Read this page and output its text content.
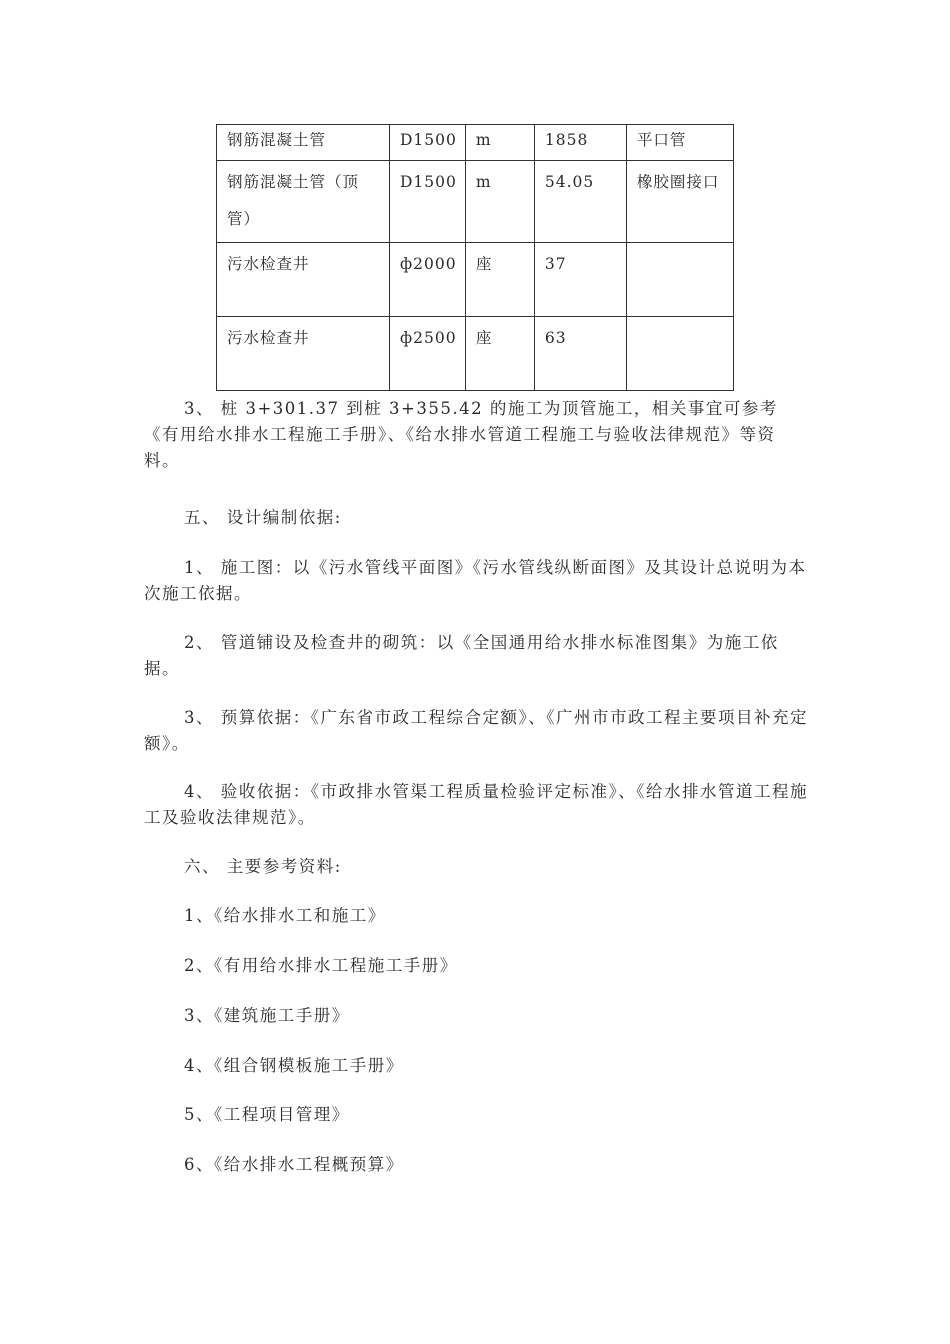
钢筋混凝土管	D1500	m	1858	平口管
钢筋混凝土管（顶管）	D1500	m	54.05	橡胶圈接口
污水检查井	ф2000	座	37	
污水检查井	ф2500	座	63	

3、 桩 3+301.37 到桩 3+355.42 的施工为顶管施工，相关事宜可参考《有用给水排水工程施工手册》、《给水排水管道工程施工与验收法律规范》等资料。

五、 设计编制依据:

1、 施工图：以《污水管线平面图》《污水管线纵断面图》及其设计总说明为本次施工依据。

2、 管道铺设及检查井的砌筑：以《全国通用给水排水标准图集》为施工依据。

3、 预算依据：《广东省市政工程综合定额》、《广州市市政工程主要项目补充定额》。

4、 验收依据：《市政排水管渠工程质量检验评定标准》、《给水排水管道工程施工及验收法律规范》。

六、 主要参考资料:

1、《给水排水工和施工》
2、《有用给水排水工程施工手册》
3、《建筑施工手册》
4、《组合钢模板施工手册》
5、《工程项目管理》
6、《给水排水工程概预算》
